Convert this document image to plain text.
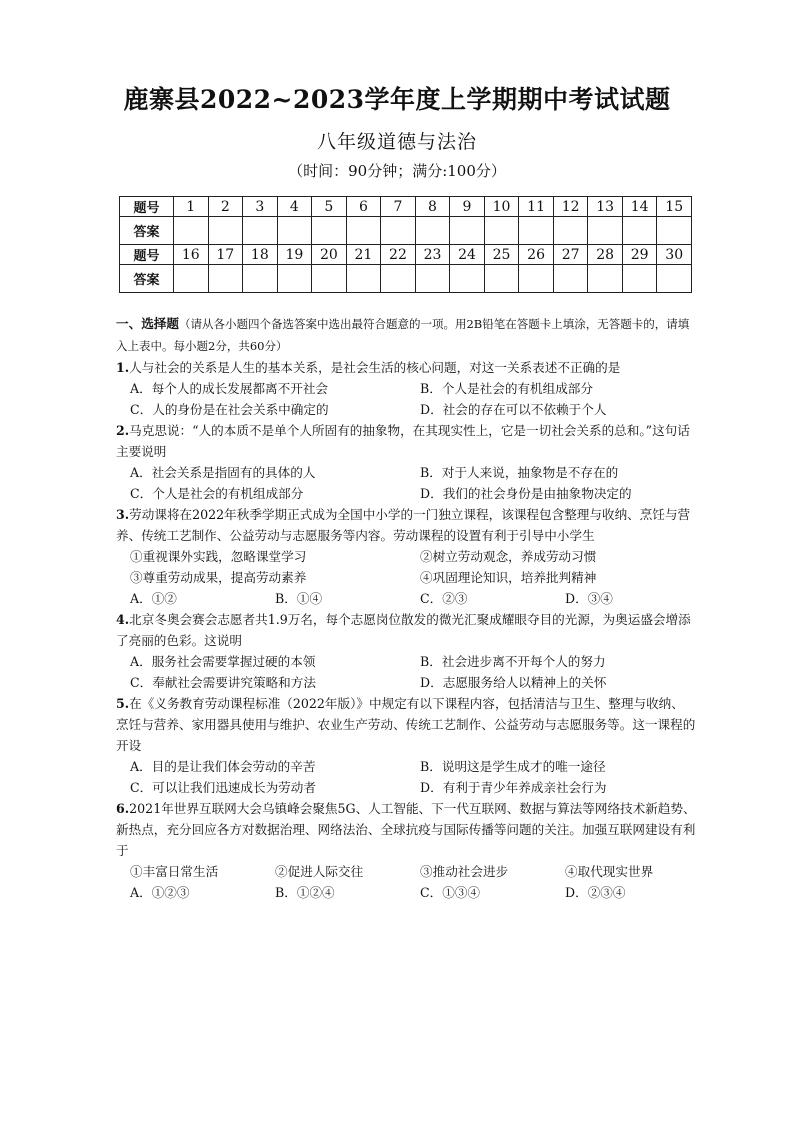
鹿寨县2022~2023学年度上学期期中考试试题
八年级道德与法治
（时间：90分钟；满分:100分）
题号	1	2	3	4	5	6	7	8	9	10	11	12	13	14	15
答案															
题号	16	17	18	19	20	21	22	23	24	25	26	27	28	29	30
答案															
一、选择题（请从各小题四个备选答案中选出最符合题意的一项。用2B铅笔在答题卡上填涂，无答题卡的，请填入上表中。每小题2分，共60分）
1.人与社会的关系是人生的基本关系，是社会生活的核心问题，对这一关系表述不正确的是
A．每个人的成长发展都离不开社会	B．个人是社会的有机组成部分
C．人的身份是在社会关系中确定的	D．社会的存在可以不依赖于个人
2.马克思说：“人的本质不是单个人所固有的抽象物，在其现实性上，它是一切社会关系的总和。”这句话主要说明
A．社会关系是指固有的具体的人	B．对于人来说，抽象物是不存在的
C．个人是社会的有机组成部分	D．我们的社会身份是由抽象物决定的
3.劳动课将在2022年秋季学期正式成为全国中小学的一门独立课程，该课程包含整理与收纳、烹饪与营养、传统工艺制作、公益劳动与志愿服务等内容。劳动课程的设置有利于引导中小学生
①重视课外实践，忽略课堂学习	②树立劳动观念，养成劳动习惯
③尊重劳动成果，提高劳动素养	④巩固理论知识，培养批判精神
A．①②	B．①④	C．②③	D．③④
4.北京冬奥会赛会志愿者共1.9万名，每个志愿岗位散发的微光汇聚成耀眼夺目的光源，为奥运盛会增添了亮丽的色彩。这说明
A．服务社会需要掌握过硬的本领	B．社会进步离不开每个人的努力
C．奉献社会需要讲究策略和方法	D．志愿服务给人以精神上的关怀
5.在《义务教育劳动课程标准（2022年版）》中规定有以下课程内容，包括清洁与卫生、整理与收纳、烹饪与营养、家用器具使用与维护、农业生产劳动、传统工艺制作、公益劳动与志愿服务等。这一课程的开设
A．目的是让我们体会劳动的辛苦	B．说明这是学生成才的唯一途径
C．可以让我们迅速成长为劳动者	D．有利于青少年养成亲社会行为
6.2021年世界互联网大会乌镇峰会聚焦5G、人工智能、下一代互联网、数据与算法等网络技术新趋势、新热点，充分回应各方对数据治理、网络法治、全球抗疫与国际传播等问题的关注。加强互联网建设有利于
①丰富日常生活	②促进人际交往	③推动社会进步	④取代现实世界
A．①②③	B．①②④	C．①③④	D．②③④
